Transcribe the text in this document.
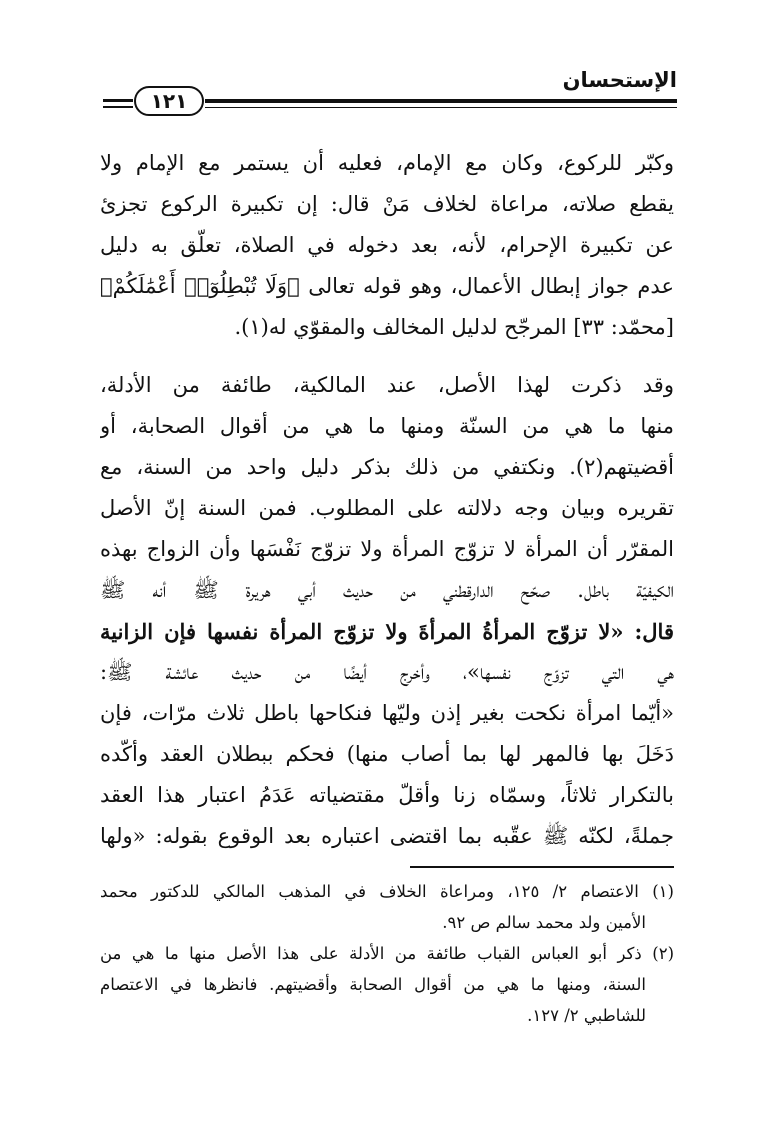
الإستحسان
١٢١
وكبّر للركوع، وكان مع الإمام، فعليه أن يستمر مع الإمام ولا
يقطع صلاته، مراعاة لخلاف مَنْ قال: إن تكبيرة الركوع تجزئ
عن تكبيرة الإحرام، لأنه، بعد دخوله في الصلاة، تعلّق به دليل
عدم جواز إبطال الأعمال، وهو قوله تعالى ﴿وَلَا تُبْطِلُوٓا۟ أَعْمَٰلَكُمْ﴾
[محمّد: ٣٣] المرجّح لدليل المخالف والمقوّي له(١).
وقد ذكرت لهذا الأصل، عند المالكية، طائفة من الأدلة،
منها ما هي من السنّة ومنها ما هي من أقوال الصحابة، أو
أقضيتهم(٢). ونكتفي من ذلك بذكر دليل واحد من السنة، مع
تقريره وبيان وجه دلالته على المطلوب. فمن السنة إنّ الأصل
المقرّر أن المرأة لا تزوّج المرأة ولا تزوّج نَفْسَها وأن الزواج بهذه
الكيفيّة باطل. صحّح الدارقطني من حديث أبي هريرة ﷺ أنه ﷺ
قال: «لا تزوّج المرأةُ المرأةَ ولا تزوّج المرأة نفسها فإن الزانية
هي التي تزوّج نفسها»، وأخرج أيضًا من حديث عائشة ﷺ:
«أيّما امرأة نكحت بغير إذن وليّها فنكاحها باطل ثلاث مرّات، فإن
دَخَلَ بها فالمهر لها بما أصاب منها) فحكم ببطلان العقد وأكّده
بالتكرار ثلاثاً، وسمّاه زنا وأقلّ مقتضياته عَدَمُ اعتبار هذا العقد
جملةً، لكنّه ﷺ عقّبه بما اقتضى اعتباره بعد الوقوع بقوله: «ولها
(١) الاعتصام ٢/ ١٢٥، ومراعاة الخلاف في المذهب المالكي للدكتور محمد
الأمين ولد محمد سالم ص ٩٢.
(٢) ذكر أبو العباس القباب طائفة من الأدلة على هذا الأصل منها ما هي من
السنة، ومنها ما هي من أقوال الصحابة وأقضيتهم. فانظرها في الاعتصام
للشاطبي ٢/ ١٢٧.
